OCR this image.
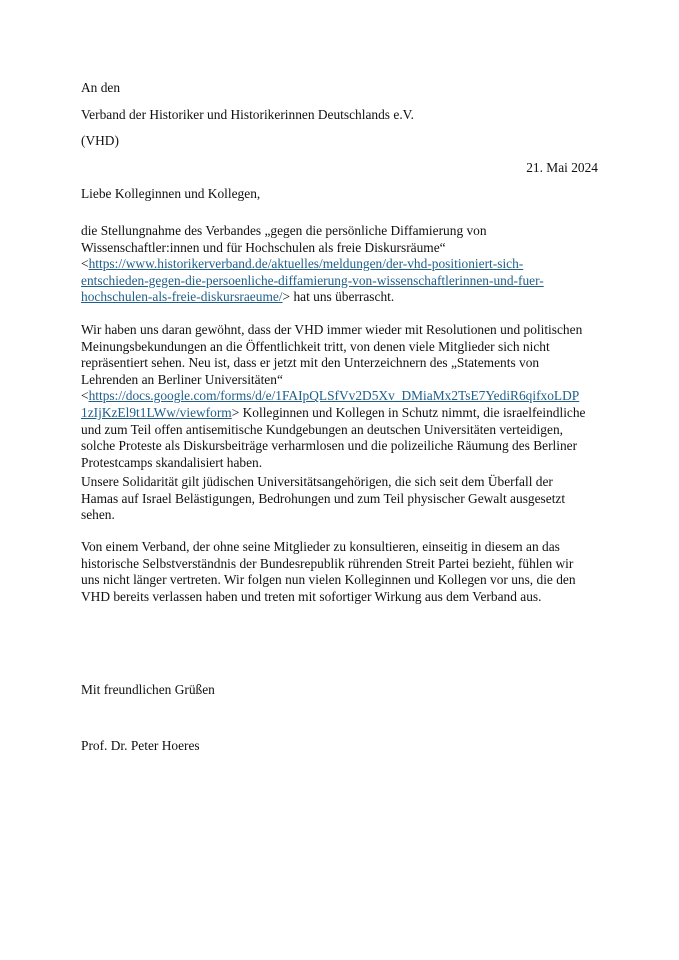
An den
Verband der Historiker und Historikerinnen Deutschlands e.V.
(VHD)
21. Mai 2024
Liebe Kolleginnen und Kollegen,
die Stellungnahme des Verbandes „gegen die persönliche Diffamierung von
Wissenschaftler:innen und für Hochschulen als freie Diskursräume“
<https://www.historikerverband.de/aktuelles/meldungen/der-vhd-positioniert-sich-
entschieden-gegen-die-persoenliche-diffamierung-von-wissenschaftlerinnen-und-fuer-
hochschulen-als-freie-diskursraeume/> hat uns überrascht.
Wir haben uns daran gewöhnt, dass der VHD immer wieder mit Resolutionen und politischen
Meinungsbekundungen an die Öffentlichkeit tritt, von denen viele Mitglieder sich nicht
repräsentiert sehen. Neu ist, dass er jetzt mit den Unterzeichnern des „Statements von
Lehrenden an Berliner Universitäten“
<https://docs.google.com/forms/d/e/1FAIpQLSfVv2D5Xv_DMiaMx2TsE7YediR6qifxoLDP
1zIjKzEl9t1LWw/viewform> Kolleginnen und Kollegen in Schutz nimmt, die israelfeindliche
und zum Teil offen antisemitische Kundgebungen an deutschen Universitäten verteidigen,
solche Proteste als Diskursbeiträge verharmlosen und die polizeiliche Räumung des Berliner
Protestcamps skandalisiert haben.
Unsere Solidarität gilt jüdischen Universitätsangehörigen, die sich seit dem Überfall der
Hamas auf Israel Belästigungen, Bedrohungen und zum Teil physischer Gewalt ausgesetzt
sehen.
Von einem Verband, der ohne seine Mitglieder zu konsultieren, einseitig in diesem an das
historische Selbstverständnis der Bundesrepublik rührenden Streit Partei bezieht, fühlen wir
uns nicht länger vertreten. Wir folgen nun vielen Kolleginnen und Kollegen vor uns, die den
VHD bereits verlassen haben und treten mit sofortiger Wirkung aus dem Verband aus.
Mit freundlichen Grüßen
Prof. Dr. Peter Hoeres
